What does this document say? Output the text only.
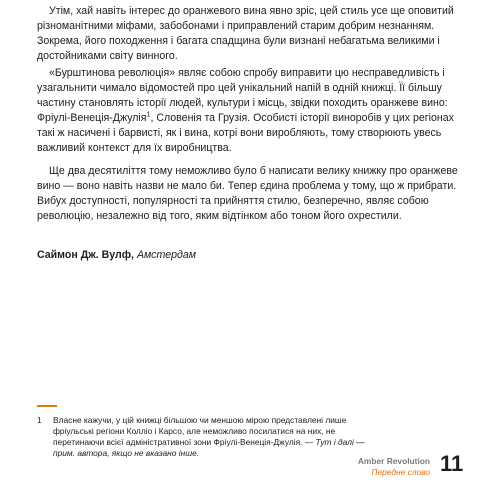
Утім, хай навіть інтерес до оранжевого вина явно зріс, цей стиль усе ще оповитий різноманітними міфами, забобонами і приправлений старим добрим незнанням. Зокрема, його походження і багата спадщина були визнані небагатьма великими і достойниками світу винного.

«Бурштинова революція» являє собою спробу виправити цю несправедливість і узагальнити чимало відомостей про цей унікальний напій в одній книжці. Її більшу частину становлять історії людей, культури і місць, звідки походить оранжеве вино: Фріулі-Венеція-Джулія$^1$, Словенія та Грузія. Особисті історії виноробів у цих регіонах такі ж насичені і барвисті, як і вина, котрі вони виробляють, тому створюють увесь важливий контекст для їх виробництва.

Ще два десятиліття тому неможливо було б написати велику книжку про оранжеве вино — воно навіть назви не мало би. Тепер єдина проблема у тому, що ж прибрати. Вибух доступності, популярності та прийняття стилю, безперечно, являє собою революцію, незалежно від того, яким відтінком або тоном його охрестили.

Саймон Дж. Вулф, Амстердам
1	Власне кажучи, у цій книжці більшою чи меншою мірою представлені лише фріульські регіони Колліо і Карсо, але неможливо посилатися на них, не перетинаючи всієї адміністративної зони Фріулі-Венеція-Джулія. — Тут і далі — прим. автора, якщо не вказано інше.
Amber Revolution
Передне слово 11
